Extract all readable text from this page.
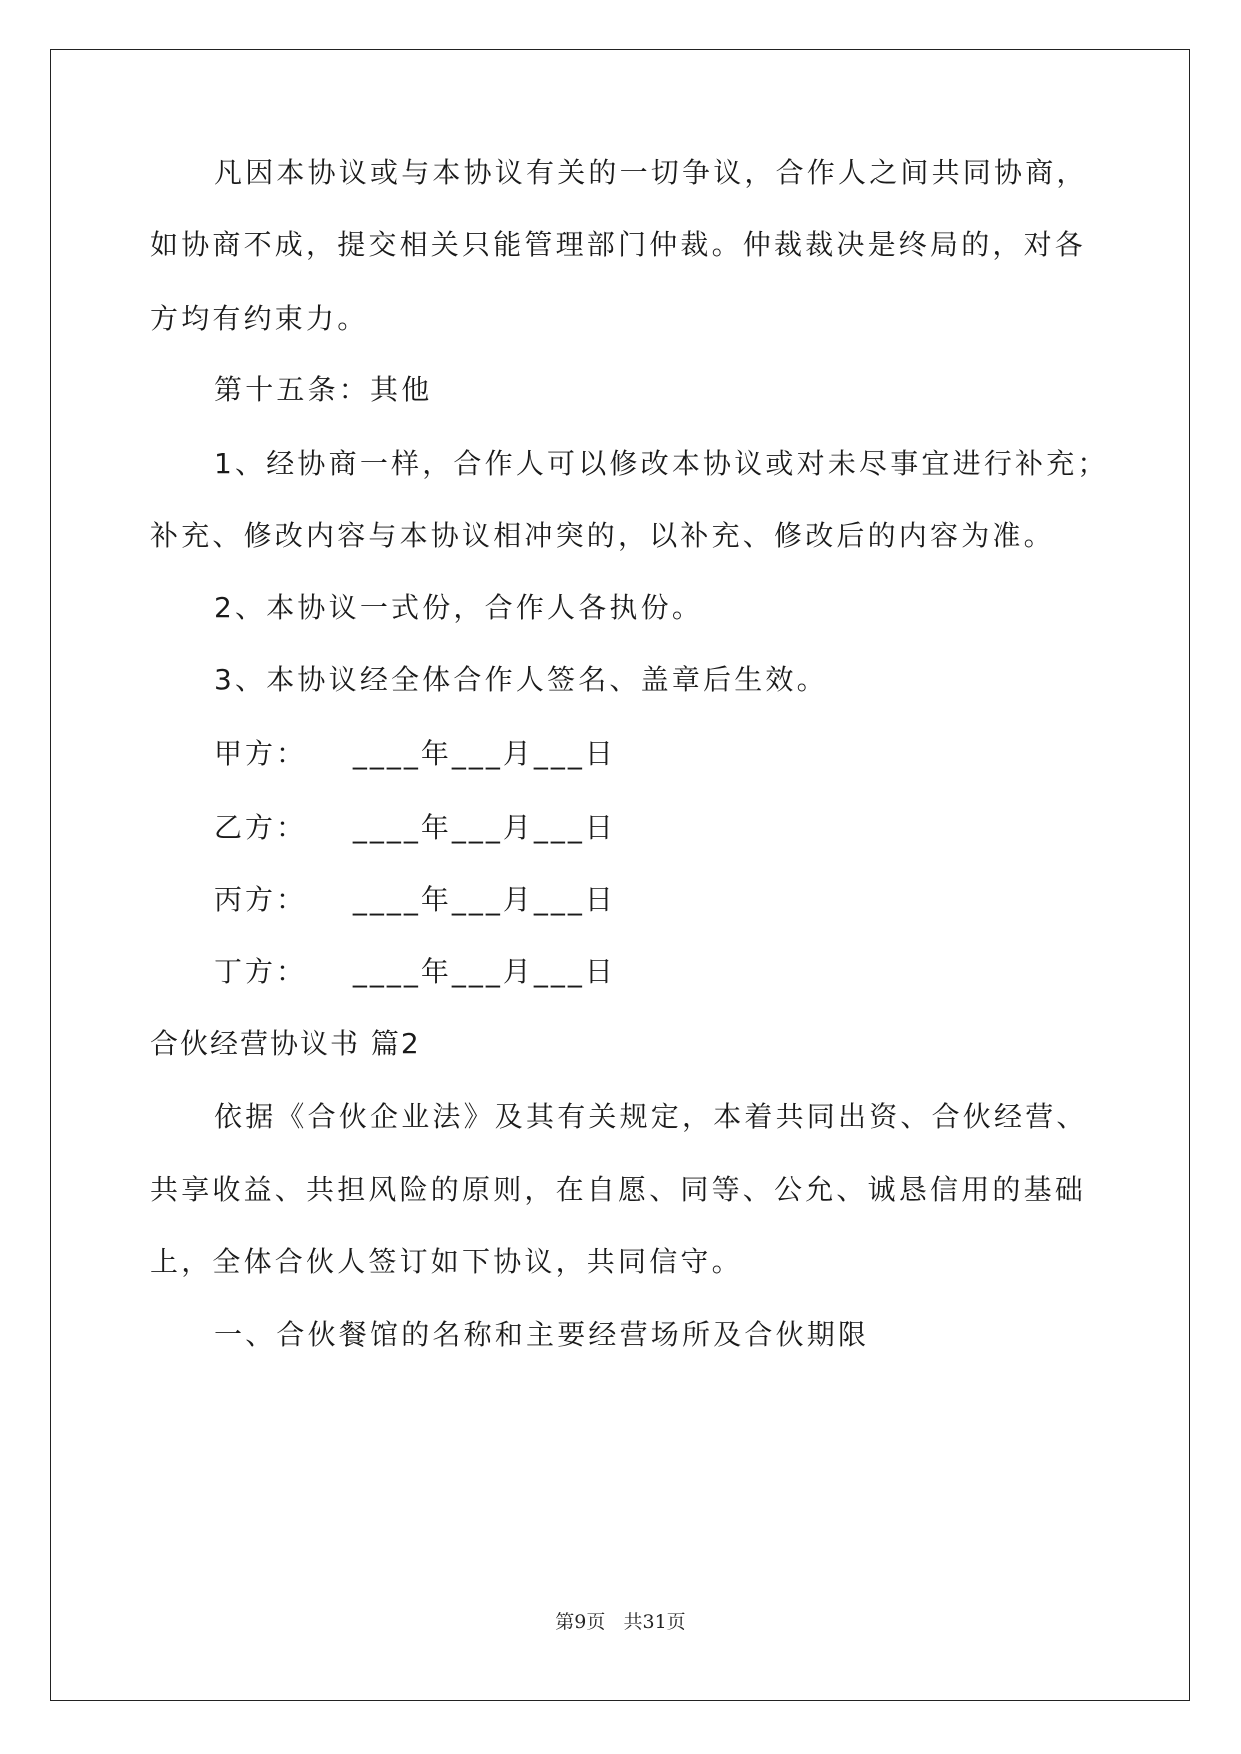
凡因本协议或与本协议有关的一切争议，合作人之间共同协商，
如协商不成，提交相关只能管理部门仲裁。仲裁裁决是终局的，对各
方均有约束力。
第十五条：其他
1、经协商一样，合作人可以修改本协议或对未尽事宜进行补充；
补充、修改内容与本协议相冲突的，以补充、修改后的内容为准。
2、本协议一式份，合作人各执份。
3、本协议经全体合作人签名、盖章后生效。
甲方： ____年___月___日
乙方： ____年___月___日
丙方： ____年___月___日
丁方： ____年___月___日
合伙经营协议书 篇2
依据《合伙企业法》及其有关规定，本着共同出资、合伙经营、
共享收益、共担风险的原则，在自愿、同等、公允、诚恳信用的基础
上，全体合伙人签订如下协议，共同信守。
一、合伙餐馆的名称和主要经营场所及合伙期限
第9页   共31页
